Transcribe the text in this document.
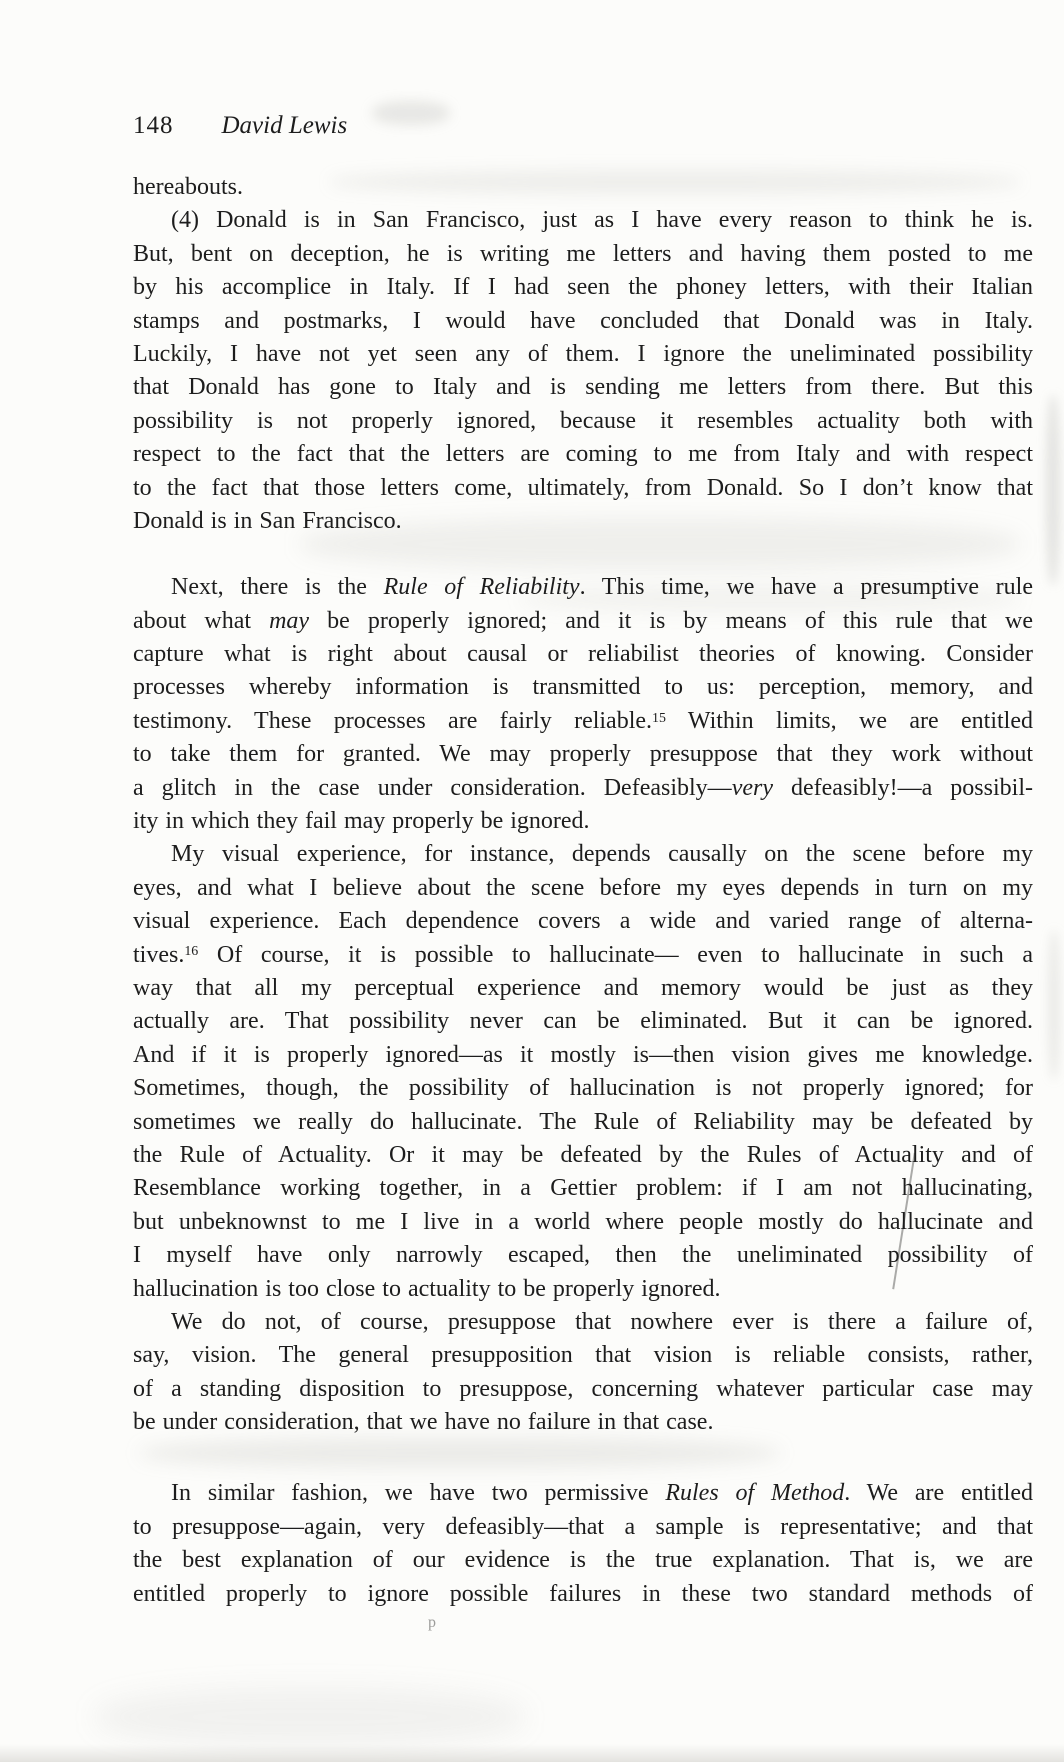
p
148 David Lewis
hereabouts.
(4) Donald is in San Francisco, just as I have every reason to think he is.
But, bent on deception, he is writing me letters and having them posted to me
by his accomplice in Italy. If I had seen the phoney letters, with their Italian
stamps and postmarks, I would have concluded that Donald was in Italy.
Luckily, I have not yet seen any of them. I ignore the uneliminated possibility
that Donald has gone to Italy and is sending me letters from there. But this
possibility is not properly ignored, because it resembles actuality both with
respect to the fact that the letters are coming to me from Italy and with respect
to the fact that those letters come, ultimately, from Donald. So I don’t know that
Donald is in San Francisco.
Next, there is the Rule of Reliability. This time, we have a presumptive rule
about what may be properly ignored; and it is by means of this rule that we
capture what is right about causal or reliabilist theories of knowing. Consider
processes whereby information is transmitted to us: perception, memory, and
testimony. These processes are fairly reliable.$^{15}$ Within limits, we are entitled
to take them for granted. We may properly presuppose that they work without
a glitch in the case under consideration. Defeasibly—very defeasibly!—a possibil-
ity in which they fail may properly be ignored.
My visual experience, for instance, depends causally on the scene before my
eyes, and what I believe about the scene before my eyes depends in turn on my
visual experience. Each dependence covers a wide and varied range of alterna-
tives.$^{16}$ Of course, it is possible to hallucinate— even to hallucinate in such a
way that all my perceptual experience and memory would be just as they
actually are. That possibility never can be eliminated. But it can be ignored.
And if it is properly ignored—as it mostly is—then vision gives me knowledge.
Sometimes, though, the possibility of hallucination is not properly ignored; for
sometimes we really do hallucinate. The Rule of Reliability may be defeated by
the Rule of Actuality. Or it may be defeated by the Rules of Actuality and of
Resemblance working together, in a Gettier problem: if I am not hallucinating,
but unbeknownst to me I live in a world where people mostly do hallucinate and
I myself have only narrowly escaped, then the uneliminated possibility of
hallucination is too close to actuality to be properly ignored.
We do not, of course, presuppose that nowhere ever is there a failure of,
say, vision. The general presupposition that vision is reliable consists, rather,
of a standing disposition to presuppose, concerning whatever particular case may
be under consideration, that we have no failure in that case.
In similar fashion, we have two permissive Rules of Method. We are entitled
to presuppose—again, very defeasibly—that a sample is representative; and that
the best explanation of our evidence is the true explanation. That is, we are
entitled properly to ignore possible failures in these two standard methods of
